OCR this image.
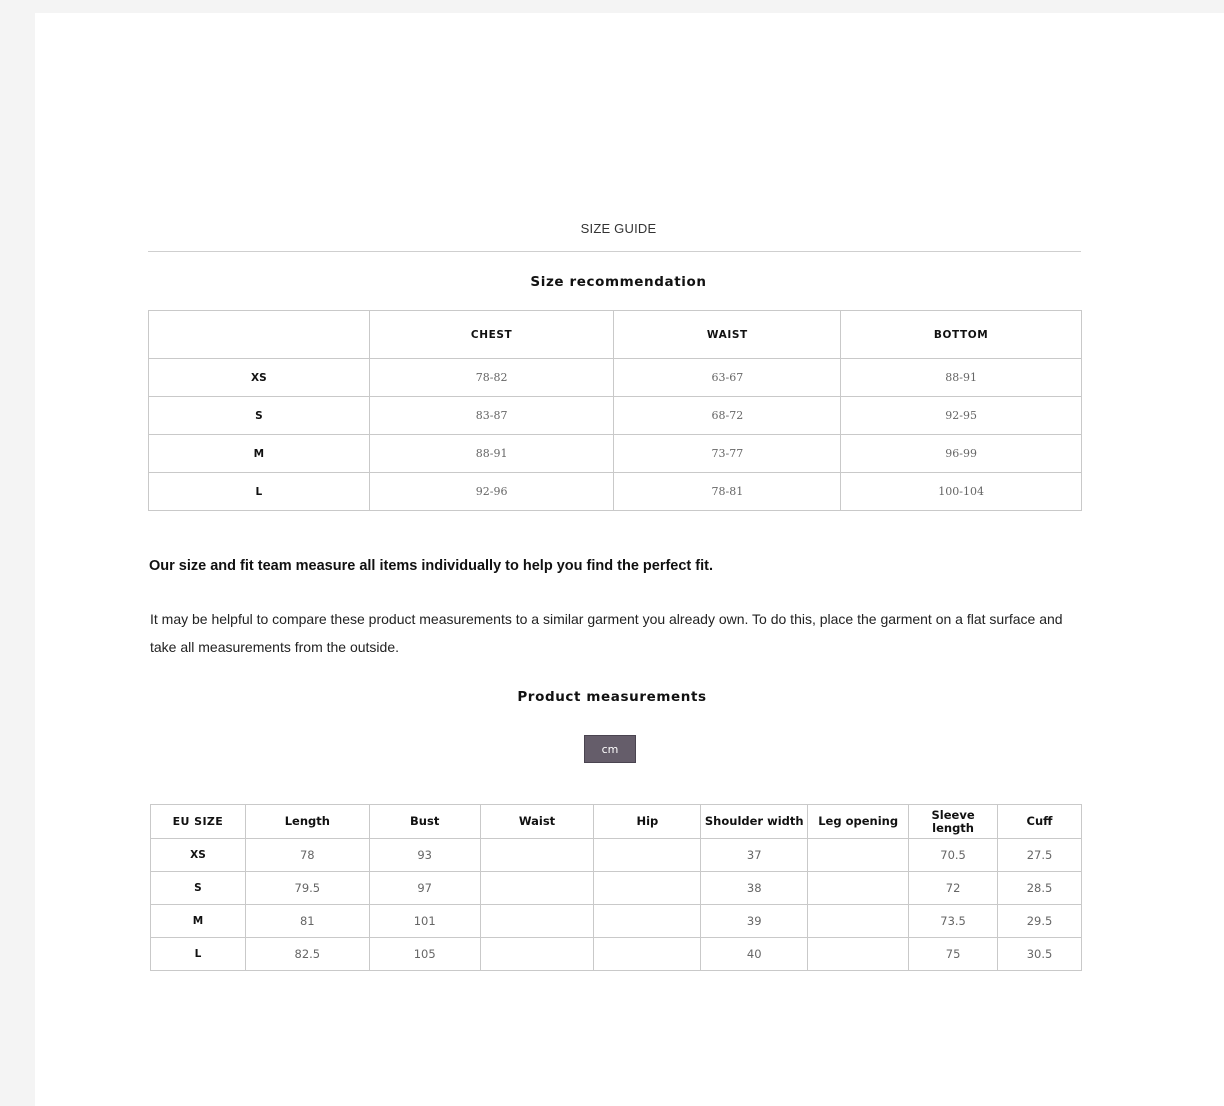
SIZE GUIDE
Size recommendation
	CHEST	WAIST	BOTTOM
XS	78-82	63-67	88-91
S	83-87	68-72	92-95
M	88-91	73-77	96-99
L	92-96	78-81	100-104
Our size and fit team measure all items individually to help you find the perfect fit.
It may be helpful to compare these product measurements to a similar garment you already own. To do this, place the garment on a flat surface and take all measurements from the outside.
Product measurements
cm
EU SIZE	Length	Bust	Waist	Hip	Shoulder width	Leg opening	Sleeve length	Cuff
XS	78	93			37		70.5	27.5
S	79.5	97			38		72	28.5
M	81	101			39		73.5	29.5
L	82.5	105			40		75	30.5
